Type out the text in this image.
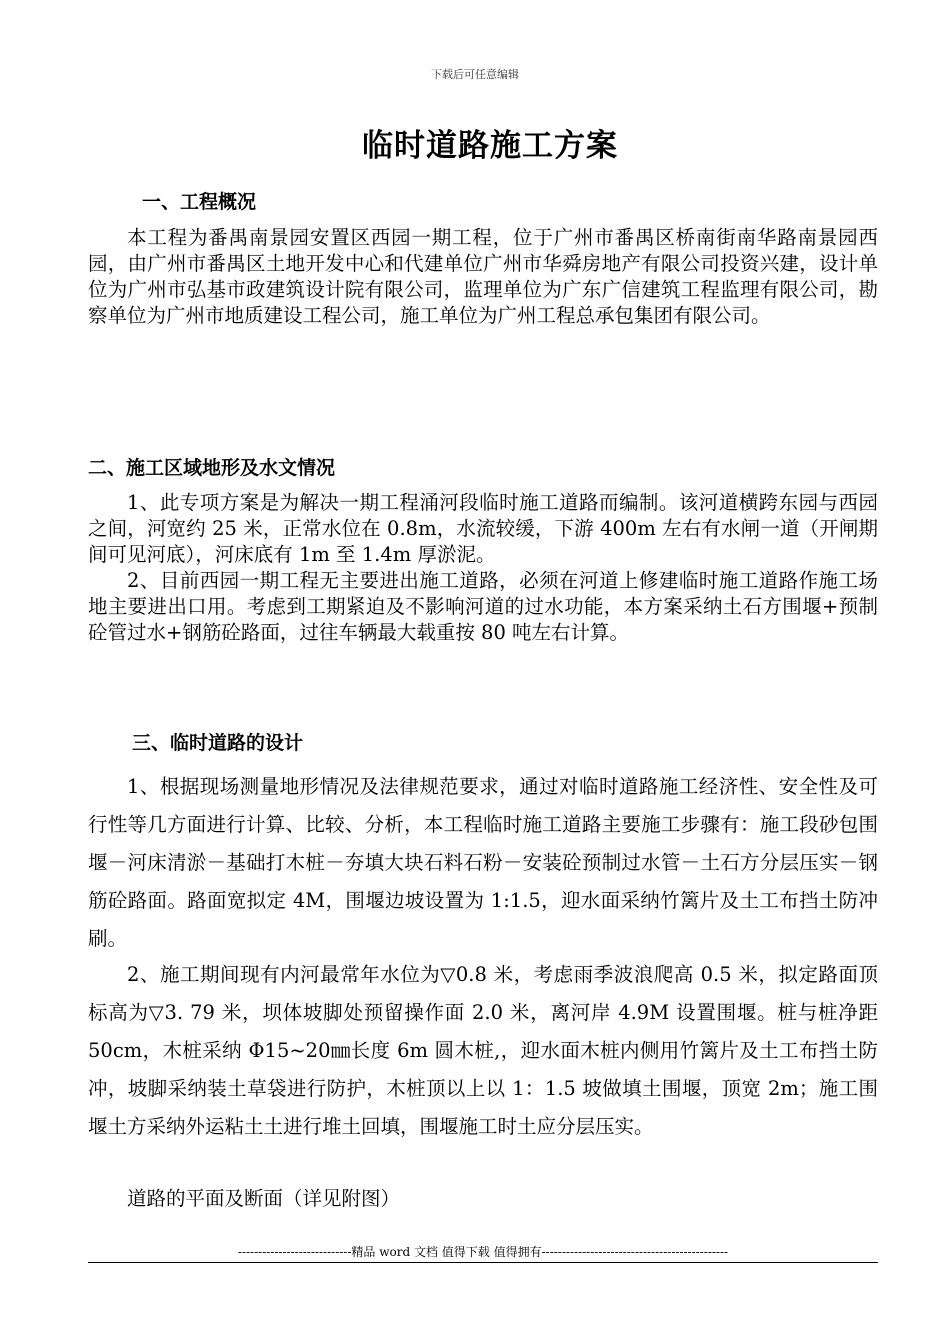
下载后可任意编辑
临时道路施工方案
一、工程概况
本工程为番禺南景园安置区西园一期工程，位于广州市番禺区桥南街南华路南景园西园，由广州市番禺区土地开发中心和代建单位广州市华舜房地产有限公司投资兴建，设计单位为广州市弘基市政建筑设计院有限公司，监理单位为广东广信建筑工程监理有限公司，勘察单位为广州市地质建设工程公司，施工单位为广州工程总承包集团有限公司。
二、施工区域地形及水文情况
1、此专项方案是为解决一期工程涌河段临时施工道路而编制。该河道横跨东园与西园之间，河宽约 25 米，正常水位在 0.8m，水流较缓，下游 400m 左右有水闸一道（开闸期间可见河底），河床底有 1m 至 1.4m 厚淤泥。
2、目前西园一期工程无主要进出施工道路，必须在河道上修建临时施工道路作施工场地主要进出口用。考虑到工期紧迫及不影响河道的过水功能，本方案采纳土石方围堰+预制砼管过水+钢筋砼路面，过往车辆最大载重按 80 吨左右计算。
三、临时道路的设计
1、根据现场测量地形情况及法律规范要求，通过对临时道路施工经济性、安全性及可行性等几方面进行计算、比较、分析，本工程临时施工道路主要施工步骤有：施工段砂包围堰－河床清淤－基础打木桩－夯填大块石料石粉－安装砼预制过水管－土石方分层压实－钢筋砼路面。路面宽拟定 4M，围堰边坡设置为 1:1.5，迎水面采纳竹篱片及土工布挡土防冲刷。
2、施工期间现有内河最常年水位为▽0.8 米，考虑雨季波浪爬高 0.5 米，拟定路面顶标高为▽3. 79 米，坝体坡脚处预留操作面 2.0 米，离河岸 4.9M 设置围堰。桩与桩净距 50cm，木桩采纳 Φ15~20㎜长度 6m 圆木桩,，迎水面木桩内侧用竹篱片及土工布挡土防冲，坡脚采纳装土草袋进行防护，木桩顶以上以 1：1.5 坡做填土围堰，顶宽 2m；施工围堰土方采纳外运粘土土进行堆土回填，围堰施工时土应分层压实。
道路的平面及断面（详见附图）
----------------------------精品 word 文档 值得下载 值得拥有----------------------------------------------
